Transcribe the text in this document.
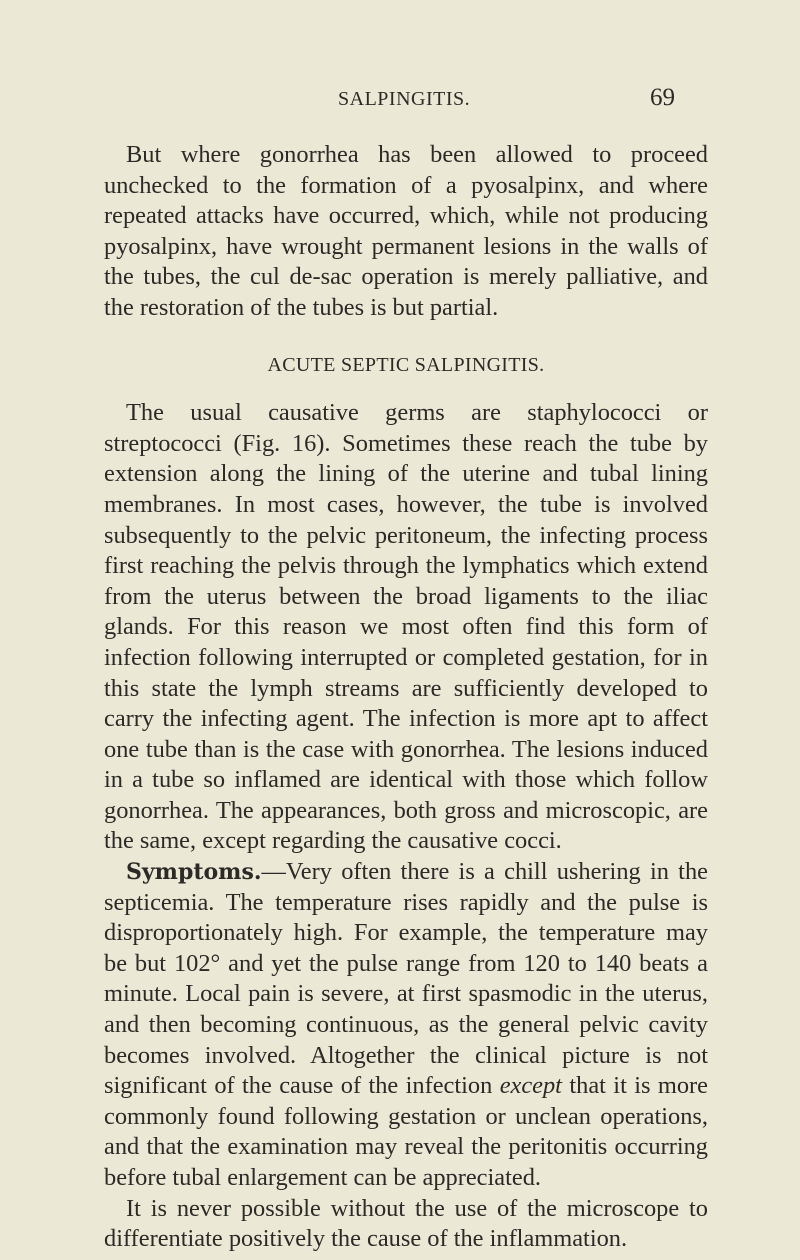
SALPINGITIS.	69

But where gonorrhea has been allowed to proceed unchecked to the formation of a pyosalpinx, and where repeated attacks have occurred, which, while not producing pyosalpinx, have wrought permanent lesions in the walls of the tubes, the cul de-sac operation is merely palliative, and the restoration of the tubes is but partial.

ACUTE SEPTIC SALPINGITIS.

The usual causative germs are staphylococci or streptococci (Fig. 16). Sometimes these reach the tube by extension along the lining of the uterine and tubal lining membranes. In most cases, however, the tube is involved subsequently to the pelvic peritoneum, the infecting process first reaching the pelvis through the lymphatics which extend from the uterus between the broad ligaments to the iliac glands. For this reason we most often find this form of infection following interrupted or completed gestation, for in this state the lymph streams are sufficiently developed to carry the infecting agent. The infection is more apt to affect one tube than is the case with gonorrhea. The lesions induced in a tube so inflamed are identical with those which follow gonorrhea. The appearances, both gross and microscopic, are the same, except regarding the causative cocci.

Symptoms.—Very often there is a chill ushering in the septicemia. The temperature rises rapidly and the pulse is disproportionately high. For example, the temperature may be but 102° and yet the pulse range from 120 to 140 beats a minute. Local pain is severe, at first spasmodic in the uterus, and then becoming continuous, as the general pelvic cavity becomes involved. Altogether the clinical picture is not significant of the cause of the infection except that it is more commonly found following gestation or unclean operations, and that the examination may reveal the peritonitis occurring before tubal enlargement can be appreciated.

It is never possible without the use of the microscope to differentiate positively the cause of the inflammation.
